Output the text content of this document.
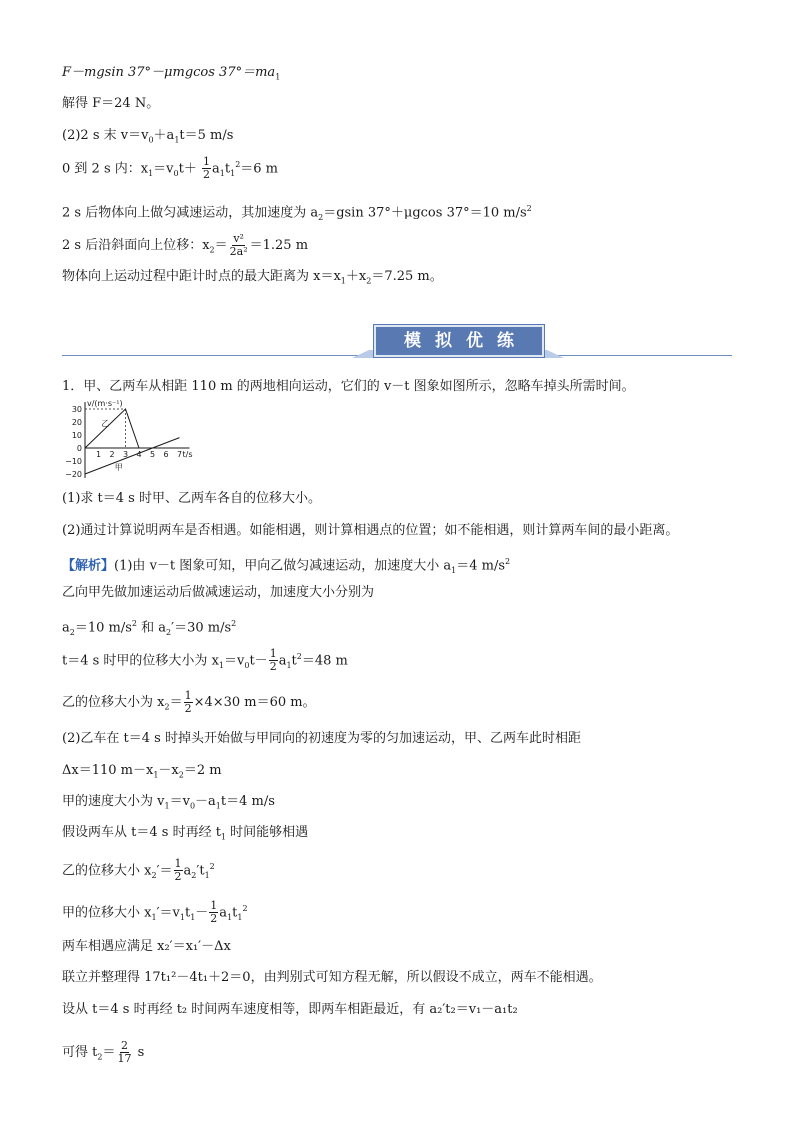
F－mgsin 37°－μmgcos $37^\circ=ma_1$
解得 F＝24 N。
(2)2 s 末 $v=v_0+a_1t=5$ m/s
0 到 2 s 内：$x_1=v_0t+ \frac{1}{2} a_1t_1^2=6$ m
2 s 后物体向上做匀减速运动，其加速度为 $a_2=gsin$ 37°＋μgcos 37°＝10 $m/s^2$
2 s 后沿斜面向上位移：$x_2= \frac{\text{v²}}{\text{2a²}} =1.25$ m
物体向上运动过程中距计时点的最大距离为 $x=x_1+x_2=7.25$ m。
模拟优练
1．甲、乙两车从相距 110 m 的两地相向运动，它们的 v－t 图象如图所示，忽略车掉头所需时间。
30
20
10
0
−10
−20
1 2 3 4 5 6 7
v/(m·s⁻¹)
t/s
乙
甲
(1)求 t＝4 s 时甲、乙两车各自的位移大小。
(2)通过计算说明两车是否相遇。如能相遇，则计算相遇点的位置；如不能相遇，则计算两车间的最小距离。
【解析】(1)由 v－t 图象可知，甲向乙做匀减速运动，加速度大小 $a_1=4$ $m/s^2$
乙向甲先做加速运动后做减速运动，加速度大小分别为
$a_2=10$ $m/s^2$ 和 $a_2'=30$ $m/s^2$
t＝4 s 时甲的位移大小为 $x_1=v_0t- \frac{1}{2} a_1t^2=48$ m
乙的位移大小为 $x_2= \frac{1}{2} \times 4\times 30$ m＝60 m。
(2)乙车在 t＝4 s 时掉头开始做与甲同向的初速度为零的匀加速运动，甲、乙两车此时相距
Δx＝110 $m-x_1-x_2=2$ m
甲的速度大小为 $v_1=v_0-a_1t=4$ m/s
假设两车从 t＝4 s 时再经 $t_1$ 时间能够相遇
乙的位移大小 $x_2'= \frac{1}{2} a_2't_1^2$
甲的位移大小 $x_1'=v_1t_1- \frac{1}{2} a_1t_1^2$
两车相遇应满足 x₂′＝x₁′－Δx
联立并整理得 17t₁²－4t₁＋2＝0，由判别式可知方程无解，所以假设不成立，两车不能相遇。
设从 t＝4 s 时再经 t₂ 时间两车速度相等，即两车相距最近，有 a₂′t₂＝v₁－a₁t₂
可得 $t_2= \frac{2}{17}$ s
